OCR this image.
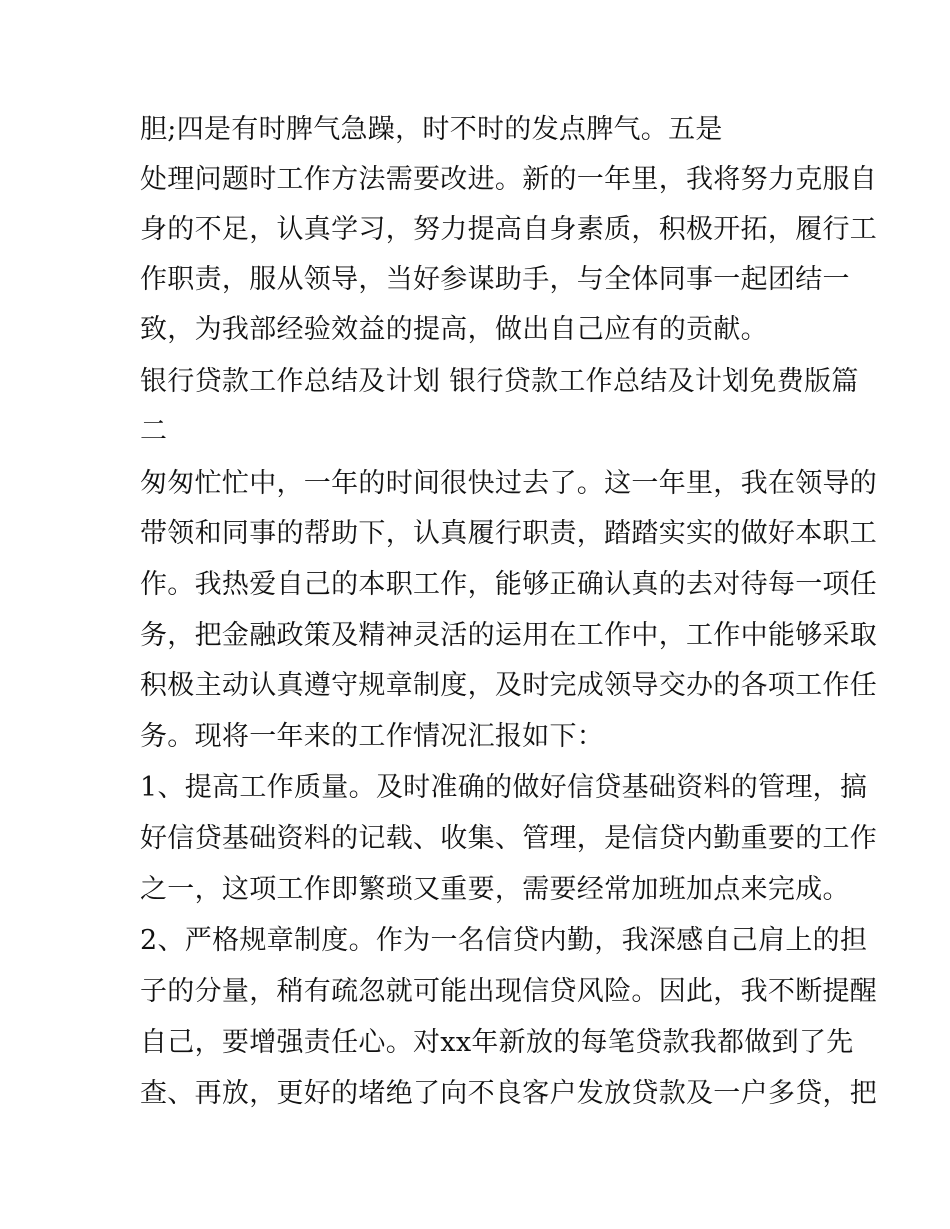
胆;四是有时脾气急躁，时不时的发点脾气。五是
处理问题时工作方法需要改进。新的一年里，我将努力克服自
身的不足，认真学习，努力提高自身素质，积极开拓，履行工
作职责，服从领导，当好参谋助手，与全体同事一起团结一
致，为我部经验效益的提高，做出自己应有的贡献。
银行贷款工作总结及计划 银行贷款工作总结及计划免费版篇
二
匆匆忙忙中，一年的时间很快过去了。这一年里，我在领导的
带领和同事的帮助下，认真履行职责，踏踏实实的做好本职工
作。我热爱自己的本职工作，能够正确认真的去对待每一项任
务，把金融政策及精神灵活的运用在工作中，工作中能够采取
积极主动认真遵守规章制度，及时完成领导交办的各项工作任
务。现将一年来的工作情况汇报如下：
1、提高工作质量。及时准确的做好信贷基础资料的管理，搞
好信贷基础资料的记载、收集、管理，是信贷内勤重要的工作
之一，这项工作即繁琐又重要，需要经常加班加点来完成。
2、严格规章制度。作为一名信贷内勤，我深感自己肩上的担
子的分量，稍有疏忽就可能出现信贷风险。因此，我不断提醒
自己，要增强责任心。对xx年新放的每笔贷款我都做到了先
查、再放，更好的堵绝了向不良客户发放贷款及一户多贷，把
